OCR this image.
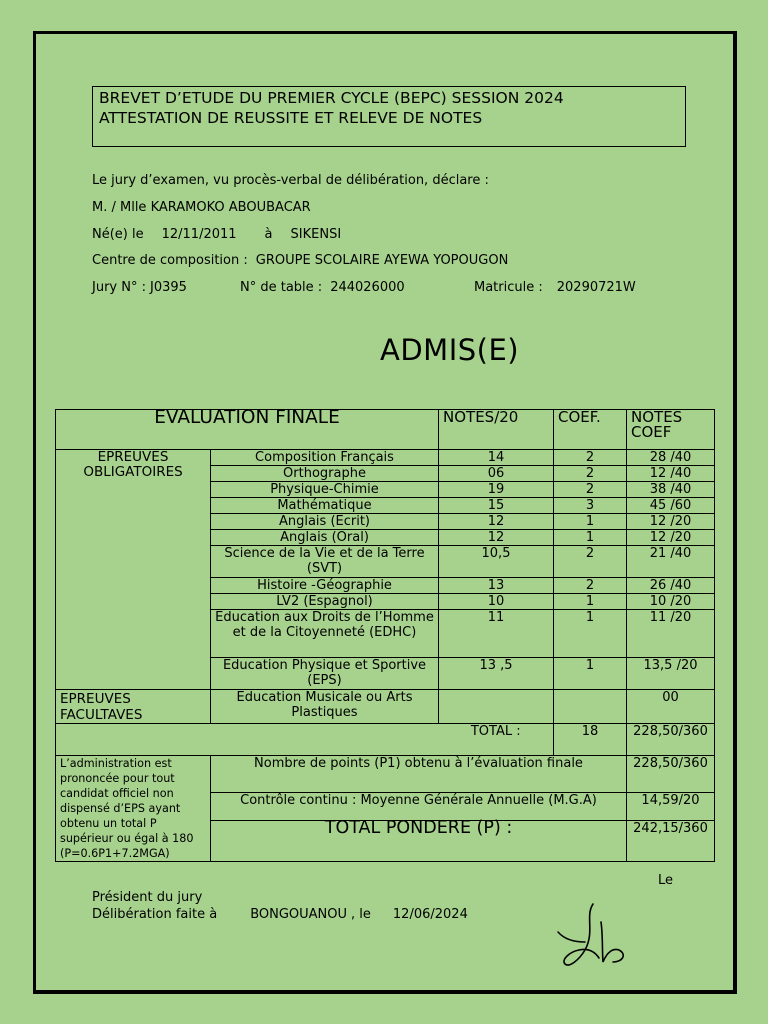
BREVET D’ETUDE DU PREMIER CYCLE (BEPC) SESSION 2024
ATTESTATION DE REUSSITE ET RELEVE DE NOTES
Le jury d’examen, vu procès-verbal de délibération, déclare :
M. / Mlle KARAMOKO ABOUBACAR
Né(e) le 12/11/2011 à SIKENSI
Centre de composition : GROUPE SCOLAIRE AYEWA YOPOUGON
Jury N° : J0395	N° de table : 244026000	Matricule : 20290721W
ADMIS(E)
EVALUATION FINALE		NOTES/20	COEF.	NOTES COEF
EPREUVES OBLIGATOIRES	Composition Français	14	2	28 /40
	Orthographe	06	2	12 /40
	Physique-Chimie	19	2	38 /40
	Mathématique	15	3	45 /60
	Anglais (Ecrit)	12	1	12 /20
	Anglais (Oral)	12	1	12 /20
	Science de la Vie et de la Terre (SVT)	10,5	2	21 /40
	Histoire -Géographie	13	2	26 /40
	LV2 (Espagnol)	10	1	10 /20
	Education aux Droits de l’Homme et de la Citoyenneté (EDHC)	11	1	11 /20
	Education Physique et Sportive (EPS)	13 ,5	1	13,5 /20
EPREUVES FACULTAVES	Education Musicale ou Arts Plastiques			00
		TOTAL :	18	228,50/360
L’administration est prononcée pour tout candidat officiel non dispensé d’EPS ayant obtenu un total P supérieur ou égal à 180 (P=0.6P1+7.2MGA)	Nombre de points (P1) obtenu à l’évaluation finale			228,50/360
	Contrôle continu : Moyenne Générale Annuelle (M.G.A)			14,59/20
	TOTAL PONDERE (P) :			242,15/360
Le
Président du jury
Délibération faite à	BONGOUANOU , le 12/06/2024
